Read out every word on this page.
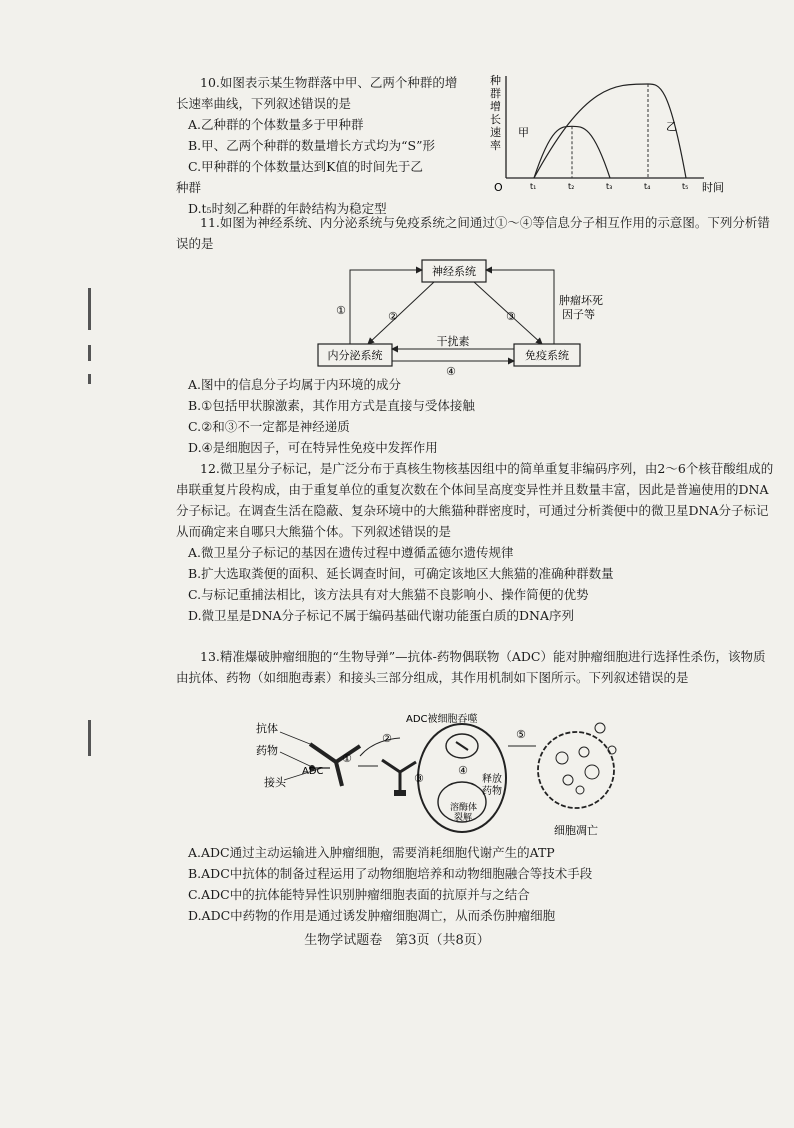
10.如图表示某生物群落中甲、乙两个种群的增

长速率曲线，下列叙述错误的是

A.乙种群的个体数量多于甲种群

B.甲、乙两个种群的数量增长方式均为“S”形

C.甲种群的个体数量达到K值的时间先于乙

种群

D.t₅时刻乙种群的年龄结构为稳定型

种
群
增
长
速
率
O	时间
甲	乙
t₁	t₂	t₃	t₄	t₅

11.如图为神经系统、内分泌系统与免疫系统之间通过①～④等信息分子相互作用的示意图。下列分析错误的是

神经系统
内分泌系统	免疫系统
①	②	③
肿瘤坏死
因子等
干扰素
④

A.图中的信息分子均属于内环境的成分

B.①包括甲状腺激素，其作用方式是直接与受体接触

C.②和③不一定都是神经递质

D.④是细胞因子，可在特异性免疫中发挥作用

12.微卫星分子标记，是广泛分布于真核生物核基因组中的简单重复非编码序列，由2～6个核苷酸组成的串联重复片段构成，由于重复单位的重复次数在个体间呈高度变异性并且数量丰富，因此是普遍使用的DNA分子标记。在调查生活在隐蔽、复杂环境中的大熊猫种群密度时，可通过分析粪便中的微卫星DNA分子标记从而确定来自哪只大熊猫个体。下列叙述错误的是

A.微卫星分子标记的基因在遗传过程中遵循孟德尔遗传规律

B.扩大选取粪便的面积、延长调查时间，可确定该地区大熊猫的准确种群数量

C.与标记重捕法相比，该方法具有对大熊猫不良影响小、操作简便的优势

D.微卫星是DNA分子标记不属于编码基础代谢功能蛋白质的DNA序列

13.精准爆破肿瘤细胞的“生物导弹”—抗体-药物偶联物（ADC）能对肿瘤细胞进行选择性杀伤，该物质由抗体、药物（如细胞毒素）和接头三部分组成，其作用机制如下图所示。下列叙述错误的是

抗体
药物
ADC
接头
①
②
ADC被细胞吞噬
溶酶体
裂解
③
④
释放
药物
⑤
细胞凋亡

A.ADC通过主动运输进入肿瘤细胞，需要消耗细胞代谢产生的ATP

B.ADC中抗体的制备过程运用了动物细胞培养和动物细胞融合等技术手段

C.ADC中的抗体能特异性识别肿瘤细胞表面的抗原并与之结合

D.ADC中药物的作用是通过诱发肿瘤细胞凋亡，从而杀伤肿瘤细胞

生物学试题卷　第3页（共8页）
